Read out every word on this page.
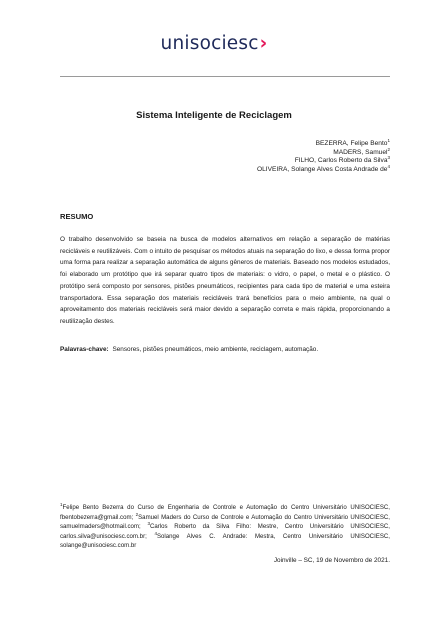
unisociesc›
Sistema Inteligente de Reciclagem
BEZERRA, Felipe Bento$^1$
MADERS, Samuel$^2$
FILHO, Carlos Roberto da Silva$^3$
OLIVEIRA, Solange Alves Costa Andrade $de^4$
RESUMO
O trabalho desenvolvido se baseia na busca de modelos alternativos em relação a separação de matérias recicláveis e reutilizáveis. Com o intuito de pesquisar os métodos atuais na separação do lixo, e dessa forma propor uma forma para realizar a separação automática de alguns gêneros de materiais. Baseado nos modelos estudados, foi elaborado um protótipo que irá separar quatro tipos de materiais: o vidro, o papel, o metal e o plástico. O protótipo será composto por sensores, pistões pneumáticos, recipientes para cada tipo de material e uma esteira transportadora. Essa separação dos materiais recicláveis trará benefícios para o meio ambiente, na qual o aproveitamento dos materiais recicláveis será maior devido a separação correta e mais rápida, proporcionando a reutilização destes.
Palavras-chave: Sensores, pistões pneumáticos, meio ambiente, reciclagem, automação.
$^1$Felipe Bento Bezerra do Curso de Engenharia de Controle e Automação do Centro Universitário UNISOCIESC, fbentobezerra@gmail.com; $^2$Samuel Maders do Curso de Controle e Automação do Centro Universitário UNISOCIESC, samuelmaders@hotmail.com; $^3$Carlos Roberto da Silva Filho: Mestre, Centro Universitário UNISOCIESC, carlos.silva@unisociesc.com.br; $^4$Solange Alves C. Andrade: Mestra, Centro Universitário UNISOCIESC, solange@unisociesc.com.br
Joinville – SC, 19 de Novembro de 2021.
